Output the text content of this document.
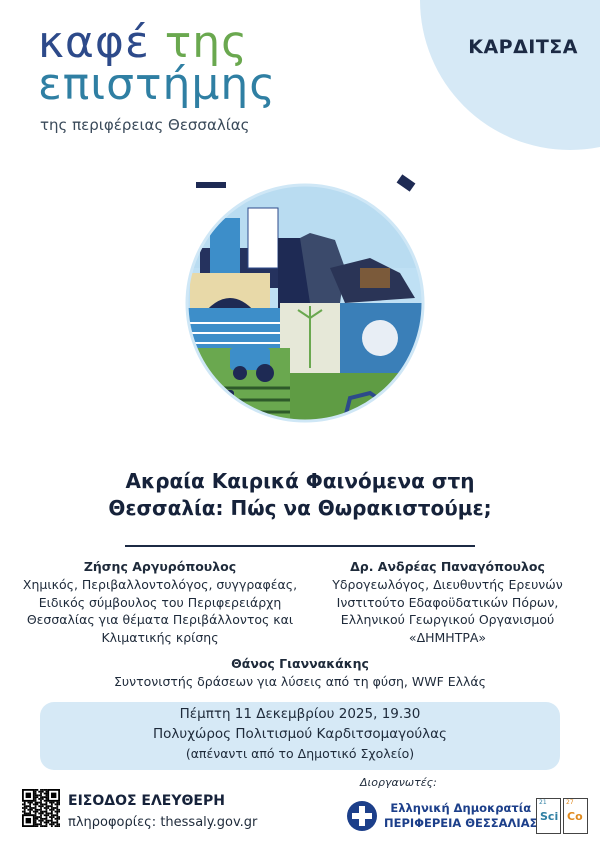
ΚΑΡΔΙΤΣΑ
καφέ της
επιστήμης
της περιφέρειας Θεσσαλίας
Ακραία Καιρικά Φαινόμενα στη
Θεσσαλία: Πώς να Θωρακιστούμε;
Ζήσης Αργυρόπουλος
Χημικός, Περιβαλλοντολόγος, συγγραφέας,
Ειδικός σύμβουλος του Περιφερειάρχη
Θεσσαλίας για θέματα Περιβάλλοντος και
Κλιματικής κρίσης
Δρ. Ανδρέας Παναγόπουλος
Υδρογεωλόγος, Διευθυντής Ερευνών
Ινστιτούτο Εδαφοϋδατικών Πόρων,
Ελληνικού Γεωργικού Οργανισμού
«ΔΗΜΗΤΡΑ»
Θάνος Γιαννακάκης
Συντονιστής δράσεων για λύσεις από τη φύση, WWF Ελλάς
Πέμπτη 11 Δεκεμβρίου 2025, 19.30
Πολυχώρος Πολιτισμού Καρδιτσομαγούλας
(απέναντι από το Δημοτικό Σχολείο)
ΕΙΣΟΔΟΣ ΕΛΕΥΘΕΡΗ
πληροφορίες: thessaly.gov.gr
Διοργανωτές:
Ελληνική Δημοκρατία
ΠΕΡΙΦΕΡΕΙΑ ΘΕΣΣΑΛΙΑΣ
21
Sci
27
Co
